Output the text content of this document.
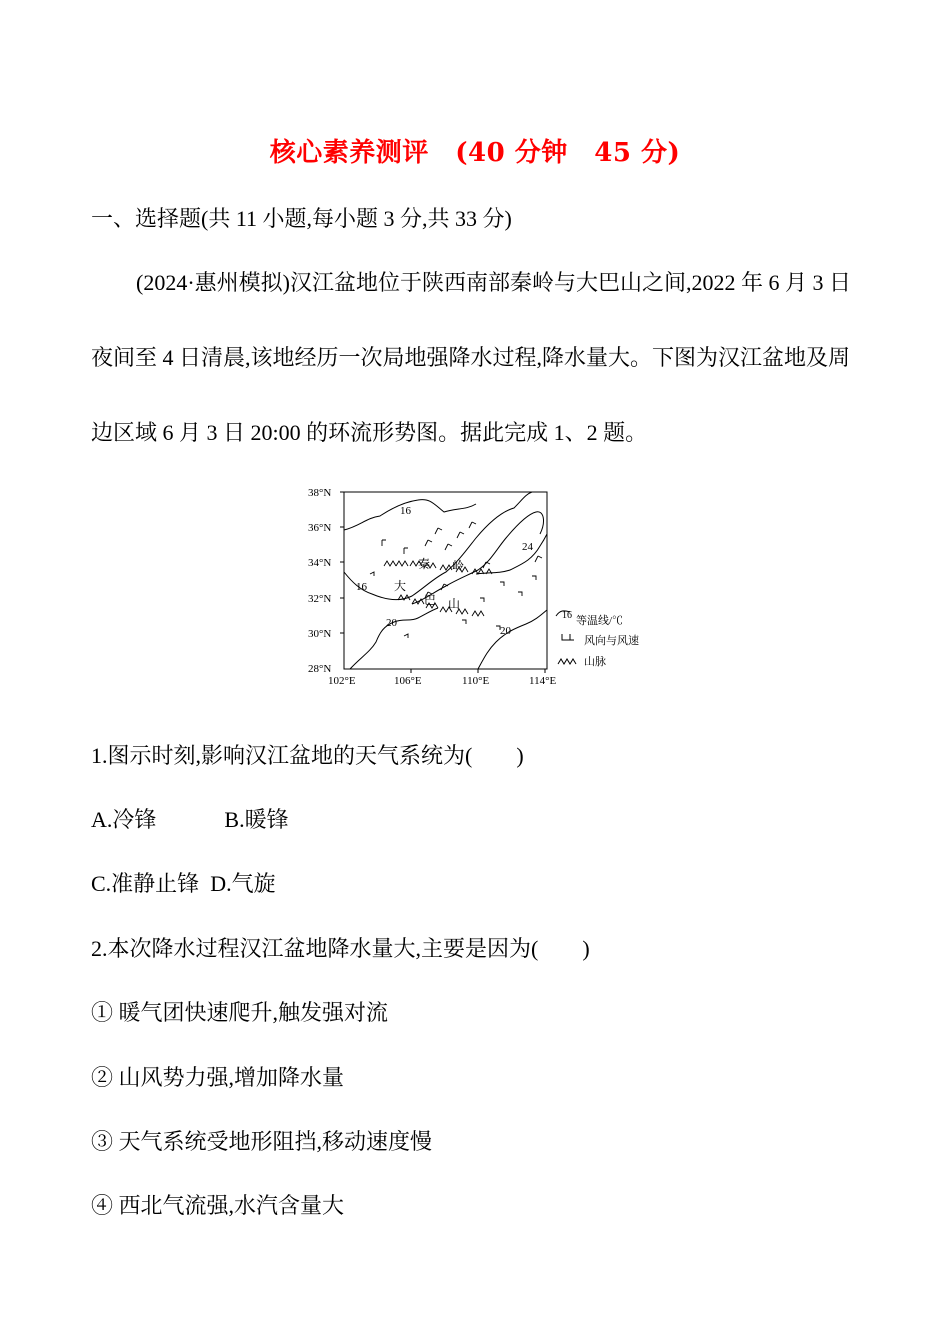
核心素养测评　(40 分钟　45 分)
一、选择题(共 11 小题,每小题 3 分,共 33 分)
(2024·惠州模拟)汉江盆地位于陕西南部秦岭与大巴山之间,2022 年 6 月 3 日
夜间至 4 日清晨,该地经历一次局地强降水过程,降水量大。下图为汉江盆地及周
边区域 6 月 3 日 20:00 的环流形势图。据此完成 1、2 题。
38°N
36°N
34°N
32°N
30°N
28°N
102°E	106°E	110°E	114°E
16
16
24
20
20
秦 岭
大
巴 山
16 等温线/℃
风向与风速
山脉
1.图示时刻,影响汉江盆地的天气系统为(　　)
A.冷锋	B.暖锋
C.准静止锋 D.气旋
2.本次降水过程汉江盆地降水量大,主要是因为(　　)
① 暖气团快速爬升,触发强对流
② 山风势力强,增加降水量
③ 天气系统受地形阻挡,移动速度慢
④ 西北气流强,水汽含量大
